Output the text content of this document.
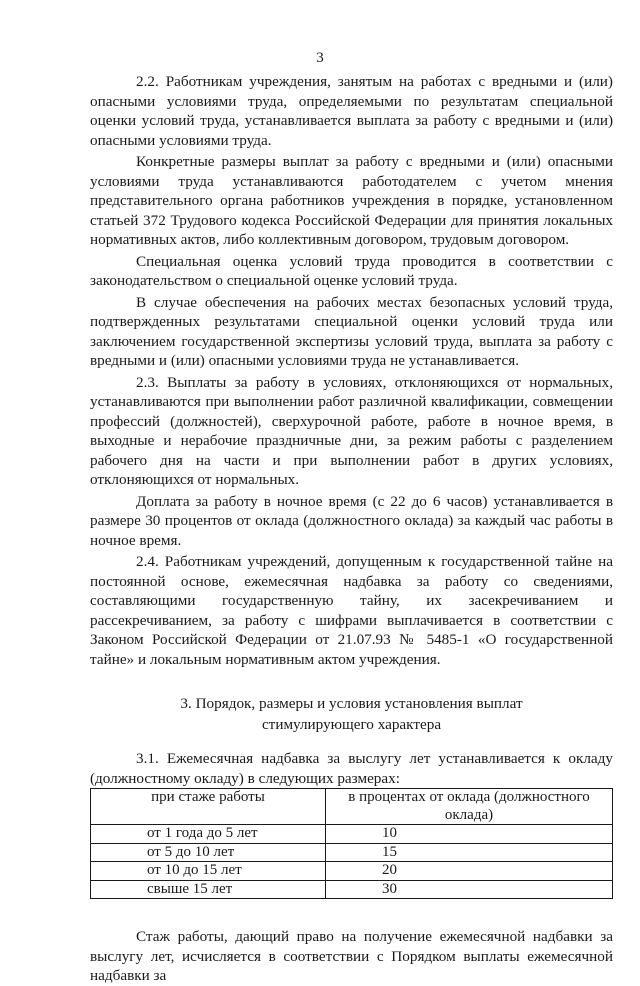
3

2.2. Работникам учреждения, занятым на работах с вредными и (или) опасными условиями труда, определяемыми по результатам специальной оценки условий труда, устанавливается выплата за работу с вредными и (или) опасными условиями труда.

Конкретные размеры выплат за работу с вредными и (или) опасными условиями труда устанавливаются работодателем с учетом мнения представительного органа работников учреждения в порядке, установленном статьей 372 Трудового кодекса Российской Федерации для принятия локальных нормативных актов, либо коллективным договором, трудовым договором.

Специальная оценка условий труда проводится в соответствии с законодательством о специальной оценке условий труда.

В случае обеспечения на рабочих местах безопасных условий труда, подтвержденных результатами специальной оценки условий труда или заключением государственной экспертизы условий труда, выплата за работу с вредными и (или) опасными условиями труда не устанавливается.

2.3. Выплаты за работу в условиях, отклоняющихся от нормальных, устанавливаются при выполнении работ различной квалификации, совмещении профессий (должностей), сверхурочной работе, работе в ночное время, в выходные и нерабочие праздничные дни, за режим работы с разделением рабочего дня на части и при выполнении работ в других условиях, отклоняющихся от нормальных.

Доплата за работу в ночное время (с 22 до 6 часов) устанавливается в размере 30 процентов от оклада (должностного оклада) за каждый час работы в ночное время.

2.4. Работникам учреждений, допущенным к государственной тайне на постоянной основе, ежемесячная надбавка за работу со сведениями, составляющими государственную тайну, их засекречиванием и рассекречиванием, за работу с шифрами выплачивается в соответствии с Законом Российской Федерации от 21.07.93 № 5485-1 «О государственной тайне» и локальным нормативным актом учреждения.

3. Порядок, размеры и условия установления выплат
стимулирующего характера

3.1. Ежемесячная надбавка за выслугу лет устанавливается к окладу (должностному окладу) в следующих размерах:

при стаже работы	в процентах от оклада (должностного оклада)
от 1 года до 5 лет	10
от 5 до 10 лет	15
от 10 до 15 лет	20
свыше 15 лет	30

Стаж работы, дающий право на получение ежемесячной надбавки за выслугу лет, исчисляется в соответствии с Порядком выплаты ежемесячной надбавки за
